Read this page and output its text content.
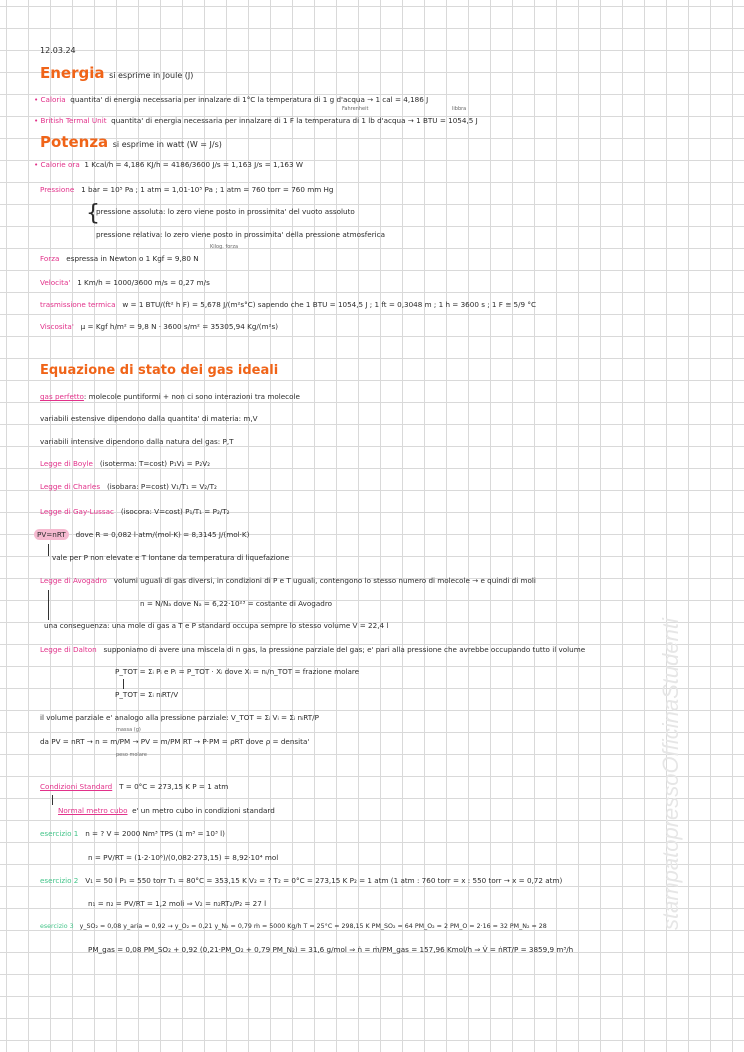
12.03.24
Energia si esprime in Joule (J)
• Caloria quantita' di energia necessaria per innalzare di 1°C la temperatura di 1 g d'acqua → 1 cal = 4,186 J
Fahrenheit	libbra
• British Termal Unit quantita' di energia necessaria per innalzare di 1 F la temperatura di 1 lb d'acqua → 1 BTU = 1054,5 J
Potenza si esprime in watt (W = J/s)
• Calorie ora 1 Kcal/h = 4,186 KJ/h = 4186/3600 J/s = 1,163 J/s = 1,163 W
Pressione 1 bar = 10⁵ Pa ; 1 atm = 1,01·10⁵ Pa ; 1 atm = 760 torr = 760 mm Hg
{
pressione assoluta: lo zero viene posto in prossimita' del vuoto assoluto
pressione relativa: lo zero viene posto in prossimita' della pressione atmosferica
Kilog. forza
Forza espressa in Newton o 1 Kgf = 9,80 N
Velocita' 1 Km/h = 1000/3600 m/s = 0,27 m/s
trasmissione termica w = 1 BTU/(ft² h F) = 5,678 J/(m²s°C) sapendo che 1 BTU = 1054,5 J ; 1 ft = 0,3048 m ; 1 h = 3600 s ; 1 F ≅ 5/9 °C
Viscosita' µ = Kgf h/m² = 9,8 N · 3600 s/m² = 35305,94 Kg/(m²s)
Equazione di stato dei gas ideali
gas perfetto: molecole puntiformi + non ci sono interazioni tra molecole
variabili estensive dipendono dalla quantita' di materia: m,V
variabili intensive dipendono dalla natura del gas: P,T
Legge di Boyle (isoterma: T=cost) P₁V₁ = P₂V₂
Legge di Charles (isobara: P=cost) V₁/T₁ = V₂/T₂
Legge di Gay-Lussac (isocora: V=cost) P₁/T₁ = P₂/T₂
PV=nRT dove R = 0,082 l·atm/(mol·K) = 8,3145 J/(mol·K)
vale per P non elevate e T lontane da temperatura di liquefazione
Legge di Avogadro volumi uguali di gas diversi, in condizioni di P e T uguali, contengono lo stesso numero di molecole → e quindi di moli
n = N/Nₐ dove Nₐ = 6,22·10²³ = costante di Avogadro
una conseguenza: una mole di gas a T e P standard occupa sempre lo stesso volume V = 22,4 l
Legge di Dalton supponiamo di avere una miscela di n gas, la pressione parziale del gas; e' pari alla pressione che avrebbe occupando tutto il volume
P_TOT = Σᵢ Pᵢ e Pᵢ = P_TOT · Xᵢ dove Xᵢ = nᵢ/n_TOT = frazione molare
P_TOT = Σᵢ nᵢRT/V
il volume parziale e' analogo alla pressione parziale: V_TOT = Σᵢ Vᵢ = Σᵢ nᵢRT/P
massa (g)
da PV = nRT → n = m/PM → PV = m/PM RT → P·PM = ρRT dove ρ = densita'
peso molare
Condizioni Standard T = 0°C = 273,15 K P = 1 atm
Normal metro cubo e' un metro cubo in condizioni standard
esercizio 1 n = ? V = 2000 Nm³ TPS (1 m³ = 10³ l)
n = PV/RT = (1·2·10⁶)/(0,082·273,15) = 8,92·10⁴ mol
esercizio 2 V₁ = 50 l P₁ = 550 torr T₁ = 80°C = 353,15 K V₂ = ? T₂ = 0°C = 273,15 K P₂ = 1 atm (1 atm : 760 torr = x : 550 torr → x = 0,72 atm)
n₁ = n₂ = PV/RT = 1,2 moli ⇒ V₂ = n₂RT₂/P₂ = 27 l
esercizio 3 y_SO₂ = 0,08 y_aria = 0,92 → y_O₂ = 0,21 y_N₂ = 0,79 ṁ = 5000 Kg/h T = 25°C = 298,15 K PM_SO₂ = 64 PM_O₂ = 2 PM_O = 2·16 = 32 PM_N₂ = 28
PM_gas = 0,08 PM_SO₂ + 0,92 (0,21·PM_O₂ + 0,79 PM_N₂) = 31,6 g/mol ⇒ ṅ = ṁ/PM_gas = 157,96 Kmol/h ⇒ V̇ = ṅRT/P = 3859,9 m³/h
stampatopressoOfficinaStudenti
